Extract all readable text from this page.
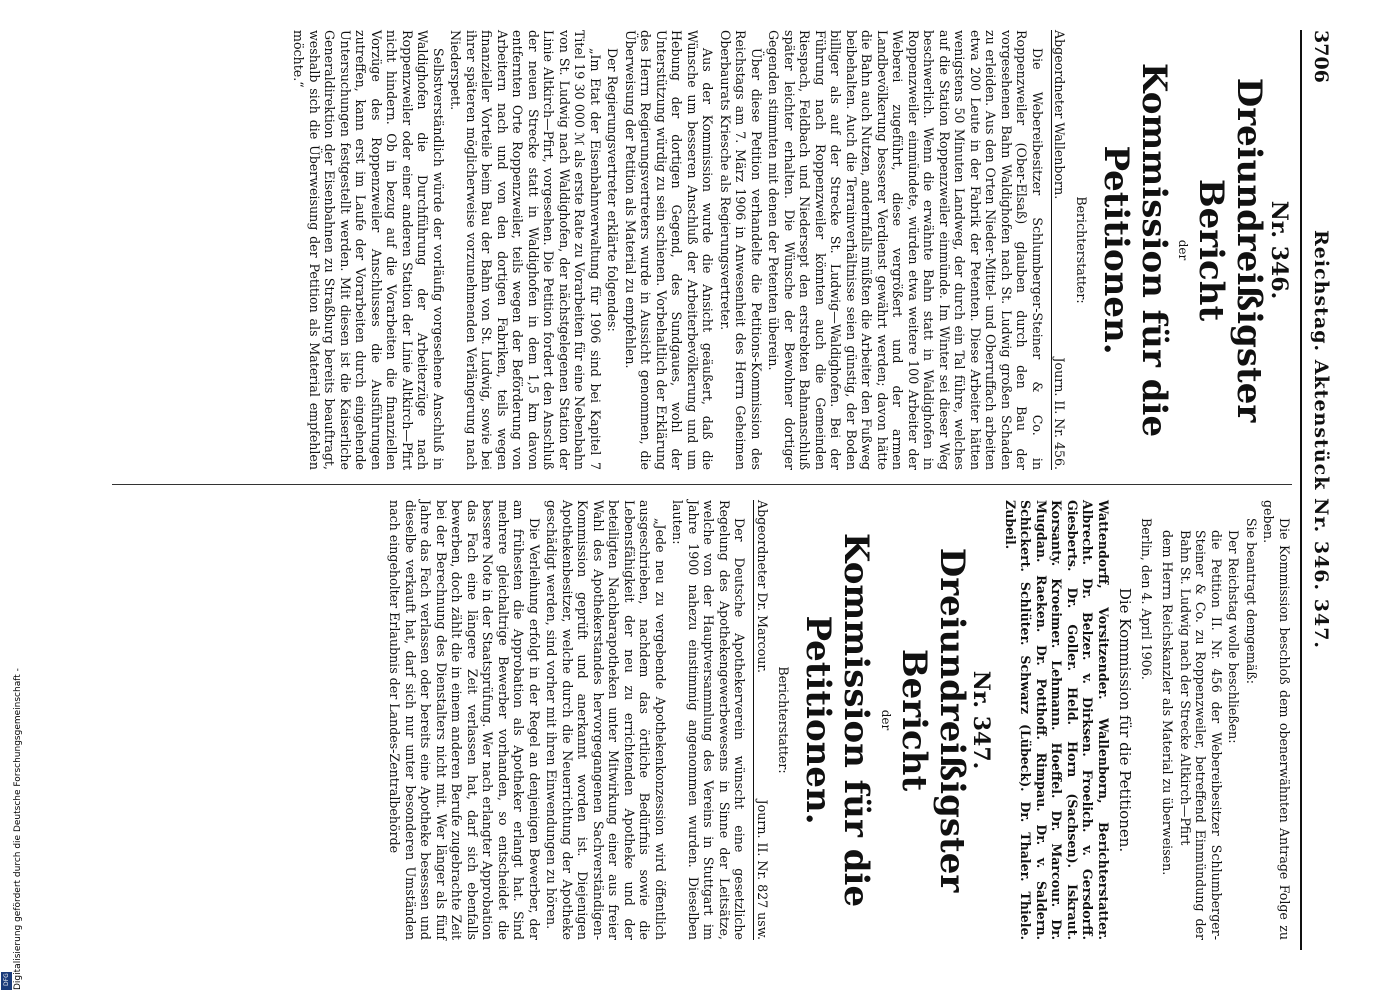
3706
Reichstag. Aktenstück Nr. 346. 347.
Nr. 346.
Dreiundreißigster Bericht
der
Kommission für die Petitionen.
Berichterstatter:
Abgeordneter Wallenborn.
Journ. II. Nr. 456.

Die Webereibesitzer Schlumberger-Steiner & Co. in Roppenzweiler (Ober-Elsaß) glauben durch den Bau der vorgesehenen Bahn Waldighofen nach St. Ludwig großen Schaden zu erleiden. Aus den Orten Nieder-Mittel- und Oberruffach arbeiten etwa 200 Leute in der Fabrik der Petenten. Diese Arbeiter hätten wenigstens 50 Minuten Landweg, der durch ein Tal führe, welches auf die Station Roppenzweiler einmünde. Im Winter sei dieser Weg beschwerlich. Wenn die erwähnte Bahn statt in Waldighofen in Roppenzweiler einmündete, würden etwa weitere 100 Arbeiter der Weberei zugeführt, diese vergrößert und der armen Landbevölkerung besserer Verdienst gewährt werden; davon hätte die Bahn auch Nutzen, andernfalls müßten die Arbeiter den Fußweg beibehalten. Auch die Terrainverhältnisse seien günstig, der Boden billiger als auf der Strecke St. Ludwig—Waldighofen. Bei der Führung nach Roppenzweiler könnten auch die Gemeinden Riespach, Feldbach und Niedersept den erstrebten Bahnanschluß später leichter erhalten. Die Wünsche der Bewohner dortiger Gegenden stimmten mit denen der Petenten überein.

Über diese Petition verhandelte die Petitions-Kommission des Reichstags am 7. März 1906 in Anwesenheit des Herrn Geheimen Oberbaurats Kriesche als Regierungsvertreter.

Aus der Kommission wurde die Ansicht geäußert, daß die Wünsche um besseren Anschluß der Arbeiterbevölkerung und um Hebung der dortigen Gegend, des Sundgaues, wohl der Unterstützung würdig zu sein schienen. Vorbehaltlich der Erklärung des Herrn Regierungsvertreters wurde in Aussicht genommen, die Überweisung der Petition als Material zu empfehlen.

Der Regierungsvertreter erklärte folgendes:

„Im Etat der Eisenbahnverwaltung für 1906 sind bei Kapitel 7 Titel 19 30 000 ℳ als erste Rate zu Vorarbeiten für eine Nebenbahn von St. Ludwig nach Waldighofen, der nächstgelegenen Station der Linie Altkirch—Pfirt, vorgesehen. Die Petition fordert den Anschluß der neuen Strecke statt in Waldighofen in dem 1,5 km davon entfernten Orte Roppenzweiler, teils wegen der Beförderung von Arbeitern nach und von den dortigen Fabriken, teils wegen finanzieller Vorteile beim Bau der Bahn von St. Ludwig, sowie bei ihrer späteren möglicherweise vorzunehmenden Verlängerung nach Niederspett.

Selbstverständlich würde der vorläufig vorgesehene Anschluß in Waldighofen die Durchführung der Arbeiterzüge nach Roppenzweiler oder einer anderen Station der Linie Altkirch—Pfirt nicht hindern. Ob in bezug auf die Vorarbeiten die finanziellen Vorzüge des Roppenzweiler Anschlusses die Ausführungen zutreffen, kann erst im Laufe der Vorarbeiten durch eingehende Untersuchungen festgestellt werden. Mit diesen ist die Kaiserliche Generaldirektion der Eisenbahnen zu Straßburg bereits beauftragt, weshalb sich die Überweisung der Petition als Material empfehlen möchte.“

Die Kommission beschloß dem obenerwähnten Antrage Folge zu geben.

Sie beantragt demgemäß:

Der Reichstag wolle beschließen:

die Petition II. Nr. 456 der Webereibesitzer Schlumberger-Steiner & Co. zu Roppenzweiler, betreffend Einmündung der Bahn St. Ludwig nach der Strecke Altkirch—Pfirt

dem Herrn Reichskanzler als Material zu überweisen.

Berlin, den 4. April 1906.

Die Kommission für die Petitionen.

Wattendorff, Vorsitzender. Wallenborn, Berichterstatter. Albrecht. Dr. Belzer. v. Dirksen. Froelich. v. Gersdorff. Giesberts. Dr. Goller. Held. Horn (Sachsen). Iskraut. Korsanty. Kroeimer. Lehmann. Hoeffel. Dr. Marcour. Dr. Mugdan. Raeken. Dr. Potthoff. Rimpau. Dr. v. Saldern. Schickert. Schlüter. Schwarz (Lübeck). Dr. Thaler. Thiele. Zubeil.

Nr. 347.
Dreiundreißigster Bericht
der
Kommission für die Petitionen.
Berichterstatter:
Abgeordneter Dr. Marcour.
Journ. II. Nr. 827 usw.

Der Deutsche Apothekerverein wünscht eine gesetzliche Regelung des Apothekengewerbewesens in Sinne der Leitsätze, welche von der Hauptversammlung des Vereins in Stuttgart im Jahre 1900 nahezu einstimmig angenommen wurden. Dieselben lauten:

„Jede neu zu vergebende Apothekenkonzession wird öffentlich ausgeschrieben, nachdem das örtliche Bedürfnis sowie die Lebensfähigkeit der neu zu errichtenden Apotheke und der beteiligten Nachbarapotheken unter Mitwirkung einer aus freier Wahl des Apothekerstandes hervorgegangenen Sachverständigen-Kommission geprüft und anerkannt worden ist. Diejenigen Apothekenbesitzer, welche durch die Neuerrichtung der Apotheke geschädigt werden, sind vorher mit ihren Einwendungen zu hören.

Die Verleihung erfolgt in der Regel an denjenigen Bewerber, der am frühesten die Approbation als Apotheker erlangt hat. Sind mehrere gleichaltrige Bewerber vorhanden, so entscheidet die bessere Note in der Staatsprüfung. Wer nach erlangter Approbation das Fach eine längere Zeit verlassen hat, darf sich ebenfalls bewerben, doch zählt die in einem anderen Berufe zugebrachte Zeit bei der Berechnung des Dienstalters nicht mit. Wer länger als fünf Jahre das Fach verlassen oder bereits eine Apotheke besessen und dieselbe verkauft hat, darf sich nur unter besonderen Umständen nach eingeholter Erlaubnis der Landes-Zentralbehörde

Digitalisierung gefördert durch die Deutsche Forschungsgemeinschaft -
DFG
